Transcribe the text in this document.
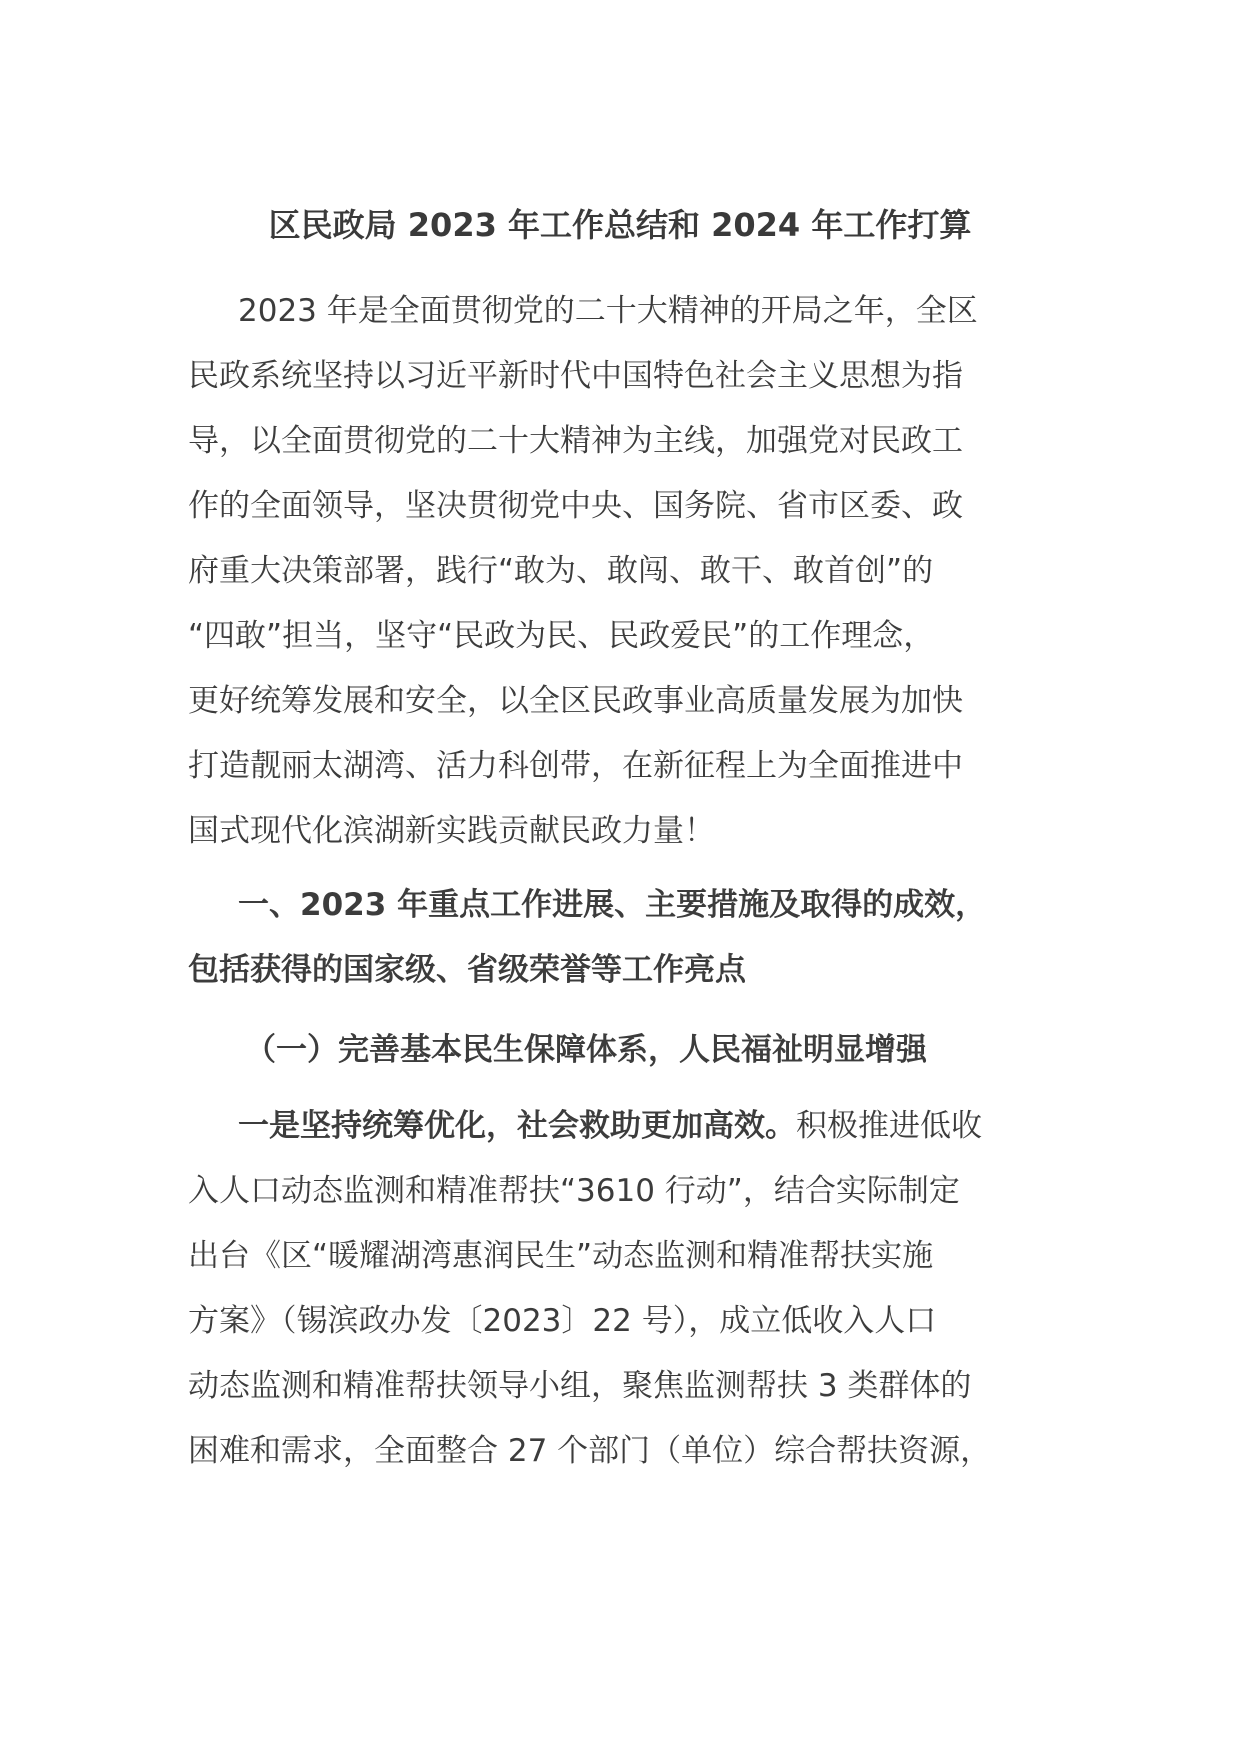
区民政局 2023 年工作总结和 2024 年工作打算
2023 年是全面贯彻党的二十大精神的开局之年，全区
民政系统坚持以习近平新时代中国特色社会主义思想为指
导，以全面贯彻党的二十大精神为主线，加强党对民政工
作的全面领导，坚决贯彻党中央、国务院、省市区委、政
府重大决策部署，践行“敢为、敢闯、敢干、敢首创”的
“四敢”担当，坚守“民政为民、民政爱民”的工作理念，
更好统筹发展和安全，以全区民政事业高质量发展为加快
打造靓丽太湖湾、活力科创带，在新征程上为全面推进中
国式现代化滨湖新实践贡献民政力量！
一、2023 年重点工作进展、主要措施及取得的成效，
包括获得的国家级、省级荣誉等工作亮点
（一）完善基本民生保障体系，人民福祉明显增强
一是坚持统筹优化，社会救助更加高效。积极推进低收
入人口动态监测和精准帮扶“3610 行动”，结合实际制定
出台《区“暖耀湖湾惠润民生”动态监测和精准帮扶实施
方案》（锡滨政办发〔2023〕22 号），成立低收入人口
动态监测和精准帮扶领导小组，聚焦监测帮扶 3 类群体的
困难和需求，全面整合 27 个部门（单位）综合帮扶资源，
